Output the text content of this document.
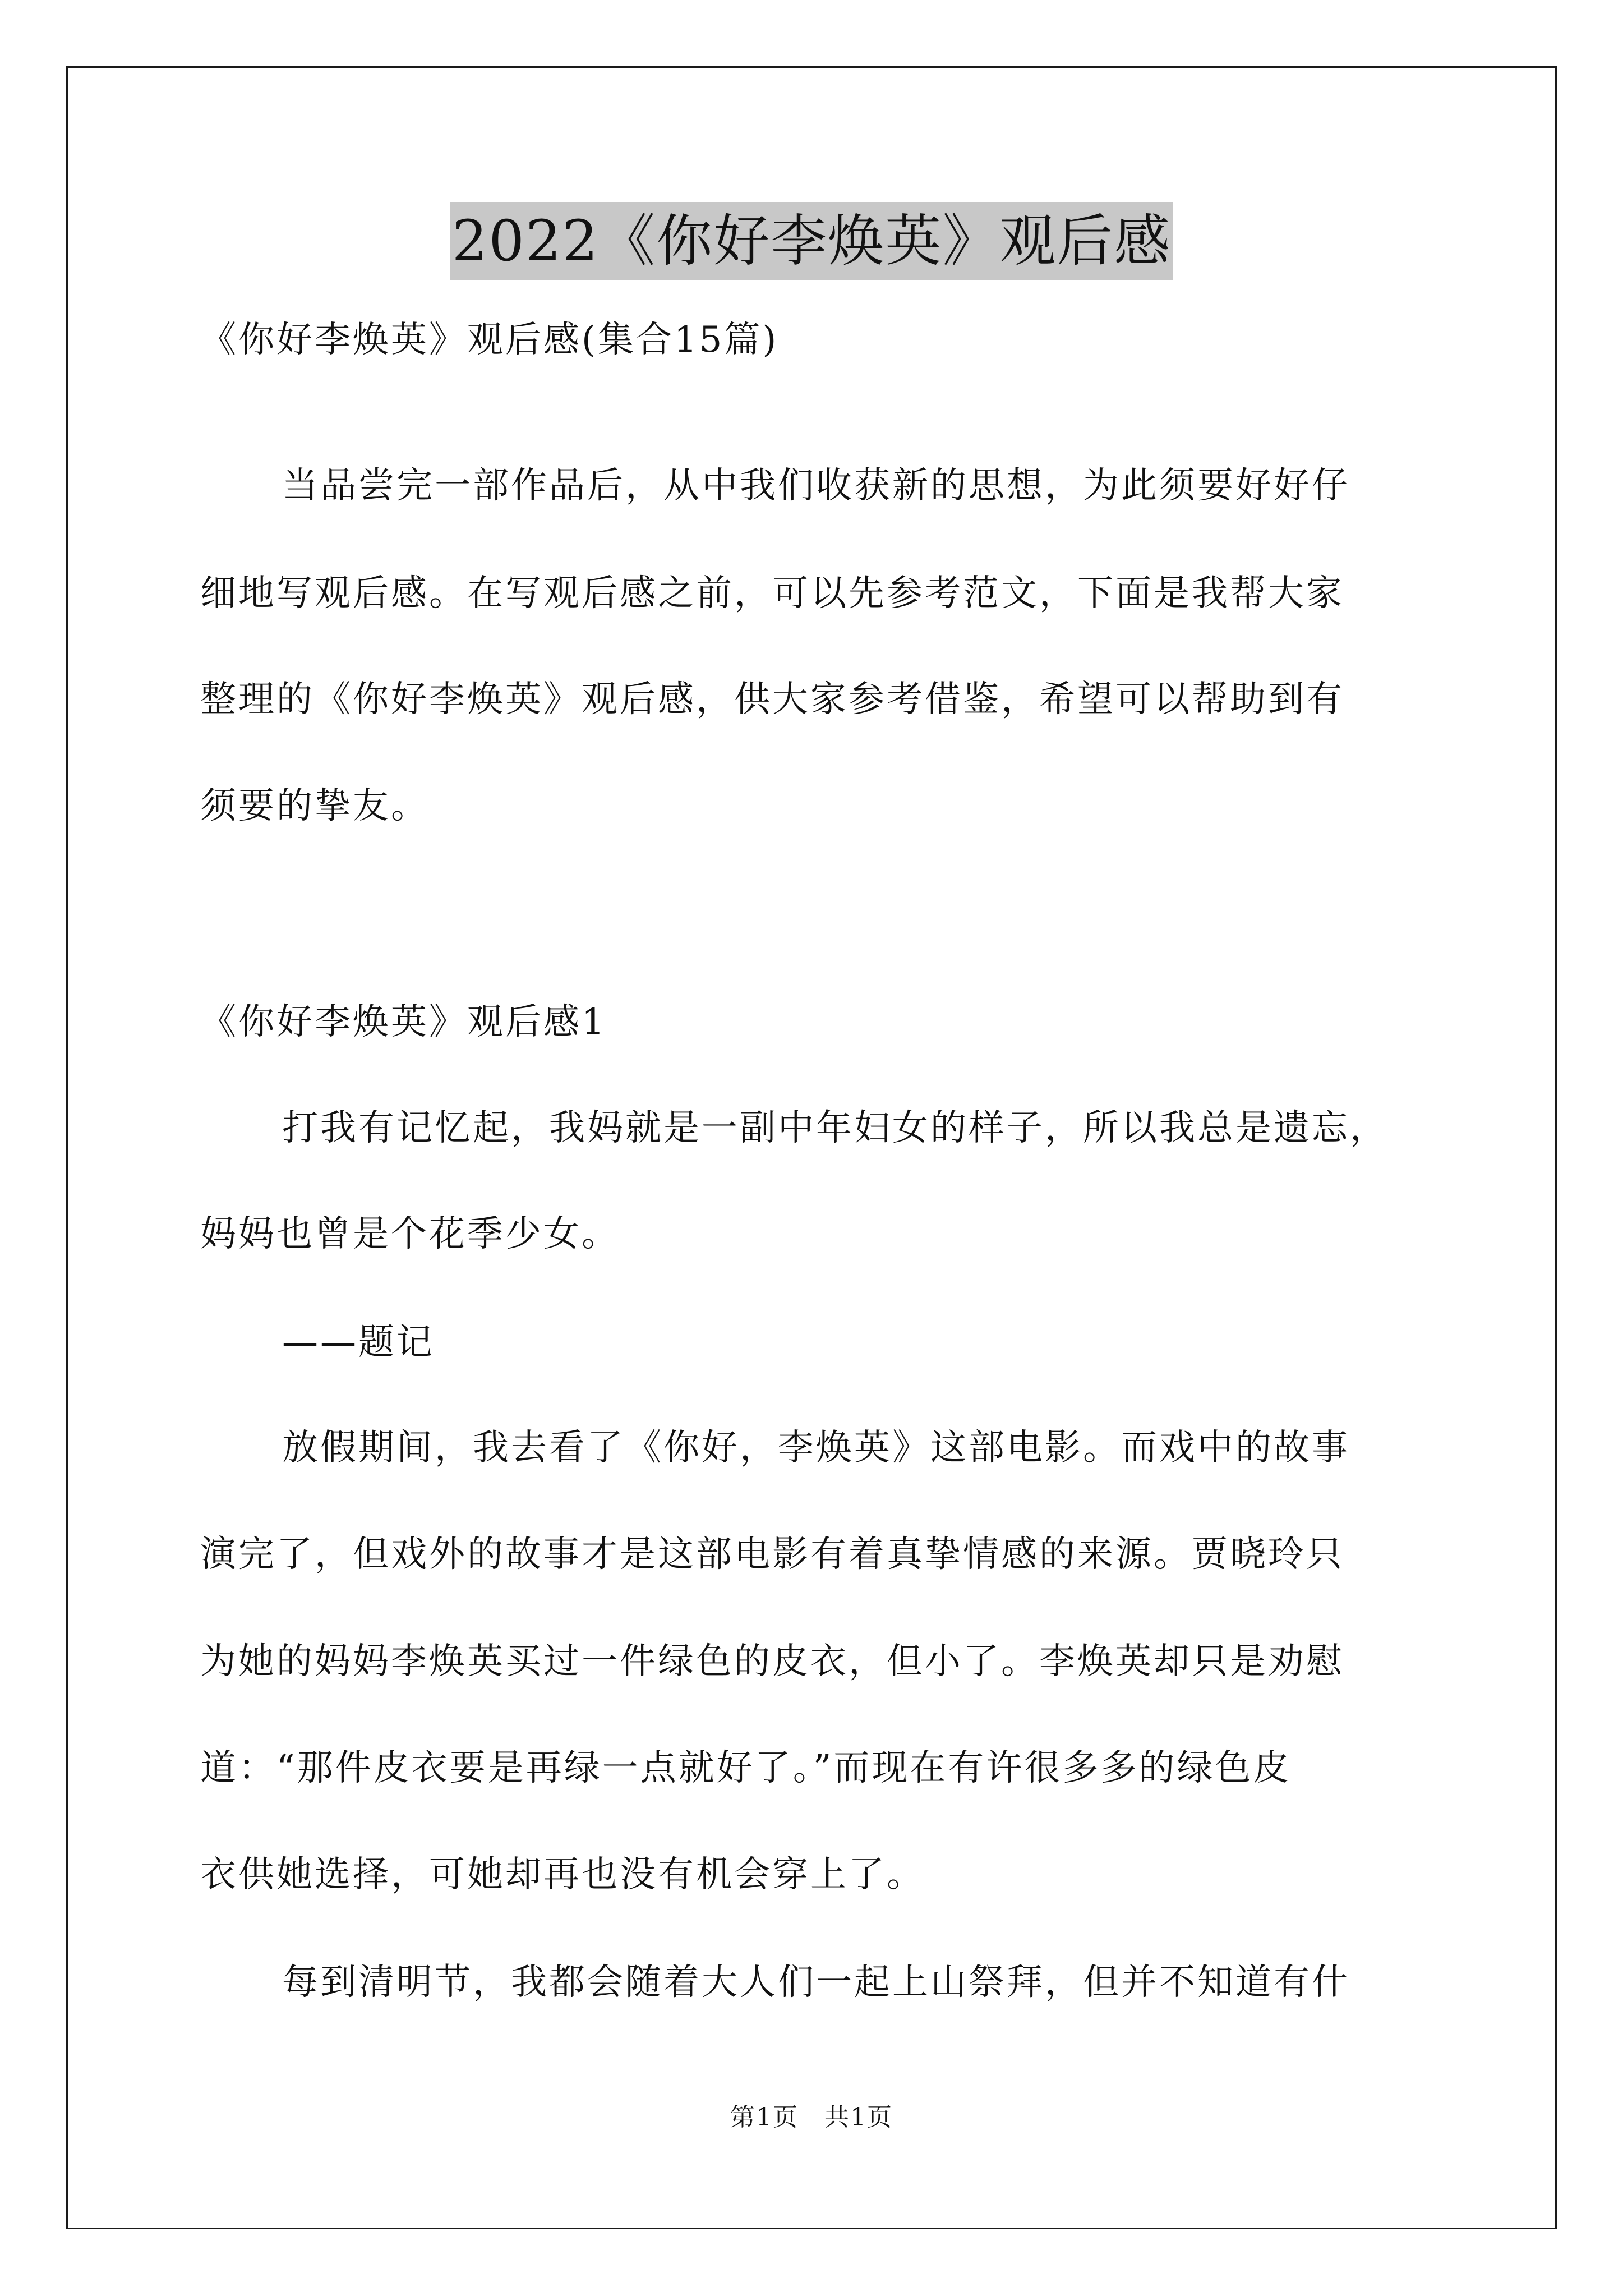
2022《你好李焕英》观后感
《你好李焕英》观后感(集合15篇)
当品尝完一部作品后，从中我们收获新的思想，为此须要好好仔
细地写观后感。在写观后感之前，可以先参考范文，下面是我帮大家
整理的《你好李焕英》观后感，供大家参考借鉴，希望可以帮助到有
须要的挚友。
《你好李焕英》观后感1
打我有记忆起，我妈就是一副中年妇女的样子，所以我总是遗忘，
妈妈也曾是个花季少女。
——题记
放假期间，我去看了《你好，李焕英》这部电影。而戏中的故事
演完了，但戏外的故事才是这部电影有着真挚情感的来源。贾晓玲只
为她的妈妈李焕英买过一件绿色的皮衣，但小了。李焕英却只是劝慰
道：“那件皮衣要是再绿一点就好了。”而现在有许很多多的绿色皮
衣供她选择，可她却再也没有机会穿上了。
每到清明节，我都会随着大人们一起上山祭拜，但并不知道有什
第1页　共1页
